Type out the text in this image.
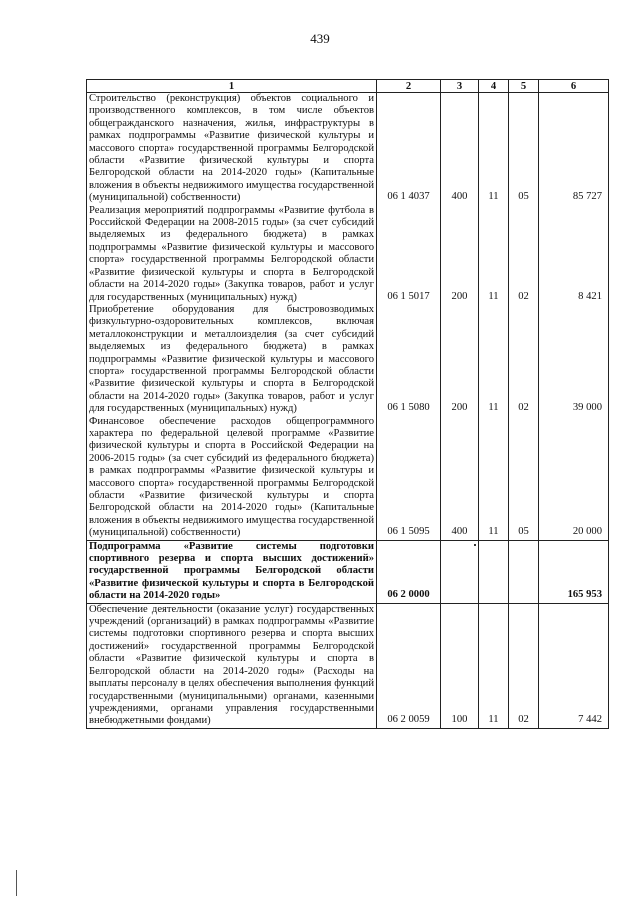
439
1	2	3	4	5	6
Строительство (реконструкция) объектов социального и производственного комплексов, в том числе объектов общегражданского назначения, жилья, инфраструктуры в рамках подпрограммы «Развитие физической культуры и массового спорта» государственной программы Белгородской области «Развитие физической культуры и спорта Белгородской области на 2014-2020 годы» (Капитальные вложения в объекты недвижимого имущества государственной (муниципальной) собственности)	06 1 4037	400	11	05	85 727
Реализация мероприятий подпрограммы «Развитие футбола в Российской Федерации на 2008-2015 годы» (за счет субсидий выделяемых из федерального бюджета) в рамках подпрограммы «Развитие физической культуры и массового спорта» государственной программы Белгородской области «Развитие физической культуры и спорта в Белгородской области на 2014-2020 годы» (Закупка товаров, работ и услуг для государственных (муниципальных) нужд)	06 1 5017	200	11	02	8 421
Приобретение оборудования для быстровозводимых физкультурно-оздоровительных комплексов, включая металлоконструкции и металлоизделия (за счет субсидий выделяемых из федерального бюджета) в рамках подпрограммы «Развитие физической культуры и массового спорта» государственной программы Белгородской области «Развитие физической культуры и спорта в Белгородской области на 2014-2020 годы» (Закупка товаров, работ и услуг для государственных (муниципальных) нужд)	06 1 5080	200	11	02	39 000
Финансовое обеспечение расходов общепрограммного характера по федеральной целевой программе «Развитие физической культуры и спорта в Российской Федерации на 2006-2015 годы» (за счет субсидий из федерального бюджета) в рамках подпрограммы «Развитие физической культуры и массового спорта» государственной программы Белгородской области «Развитие физической культуры и спорта Белгородской области на 2014-2020 годы» (Капитальные вложения в объекты недвижимого имущества государственной (муниципальной) собственности)	06 1 5095	400	11	05	20 000
Подпрограмма «Развитие системы подготовки спортивного резерва и спорта высших достижений» государственной программы Белгородской области «Развитие физической культуры и спорта в Белгородской области на 2014-2020 годы»	06 2 0000				165 953
Обеспечение деятельности (оказание услуг) государственных учреждений (организаций) в рамках подпрограммы «Развитие системы подготовки спортивного резерва и спорта высших достижений» государственной программы Белгородской области «Развитие физической культуры и спорта в Белгородской области на 2014-2020 годы» (Расходы на выплаты персоналу в целях обеспечения выполнения функций государственными (муниципальными) органами, казенными учреждениями, органами управления государственными внебюджетными фондами)	06 2 0059	100	11	02	7 442
